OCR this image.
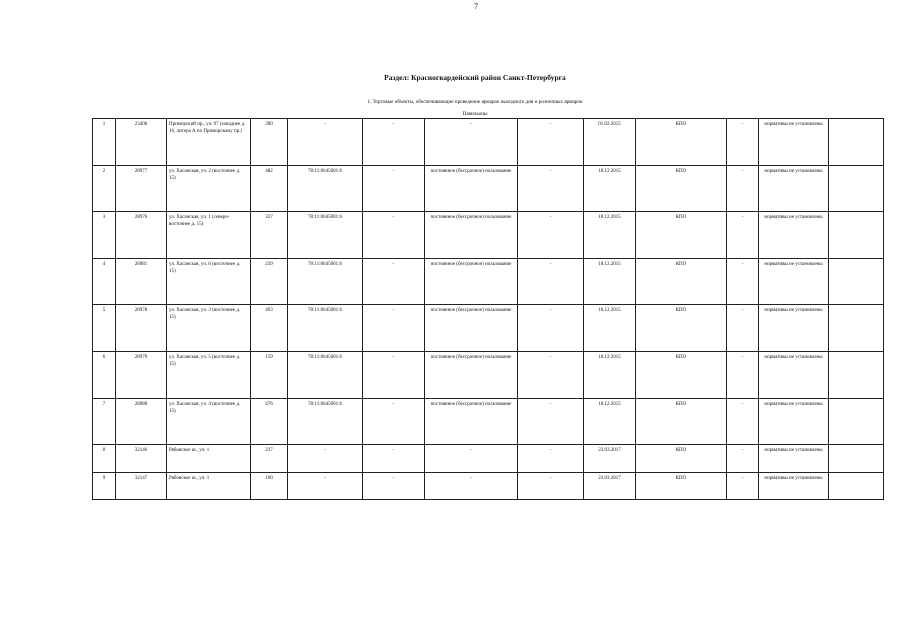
7
Раздел: Красногвардейский район Санкт-Петербурга
1. Торговые объекты, обеспечивающие проведение ярмарок выходного дня и розничных ярмарок
Павильоны
1	23406	Приморский пр., уч. 97 (западнее д. 16, литера А по Приморскому пр.)	300	-	-	-	-	01.02.2015	КПО	-	нормативы не установлены	
2	28977	ул. Хасанская, уч. 2 (восточнее д. 15)	482	78:11:0645001:6	-	постоянное (бессрочное) пользование	-	18.12.2015	КПО	-	нормативы не установлены	
3	28976	ул. Хасанская, уч. 1 (северо-восточнее д. 15)	327	78:11:0645001:6	-	постоянное (бессрочное) пользование	-	18.12.2015	КПО	-	нормативы не установлены	
4	28981	ул. Хасанская, уч. 6 (восточнее д. 15)	239	78:11:0645001:6	-	постоянное (бессрочное) пользование	-	18.12.2015	КПО	-	нормативы не установлены	
5	28978	ул. Хасанская, уч. 3 (восточнее д. 15)	493	78:11:0645001:6	-	постоянное (бессрочное) пользование	-	18.12.2015	КПО	-	нормативы не установлены	
6	28979	ул. Хасанская, уч. 5 (восточнее д. 15)	159	78:11:0645001:6	-	постоянное (бессрочное) пользование	-	18.12.2015	КПО	-	нормативы не установлены	
7	28980	ул. Хасанская, уч. 4 (восточнее д. 15)	476	78:11:0645001:6	-	постоянное (бессрочное) пользование	-	18.12.2015	КПО	-	нормативы не установлены	
8	32146	Рябовское ш., уч. 1	237	-	-	-	-	23.03.2017	КПО	-	нормативы не установлены	
9	32147	Рябовское ш., уч. 1	100	-	-	-	-	23.03.2017	КПО	-	нормативы не установлены	
